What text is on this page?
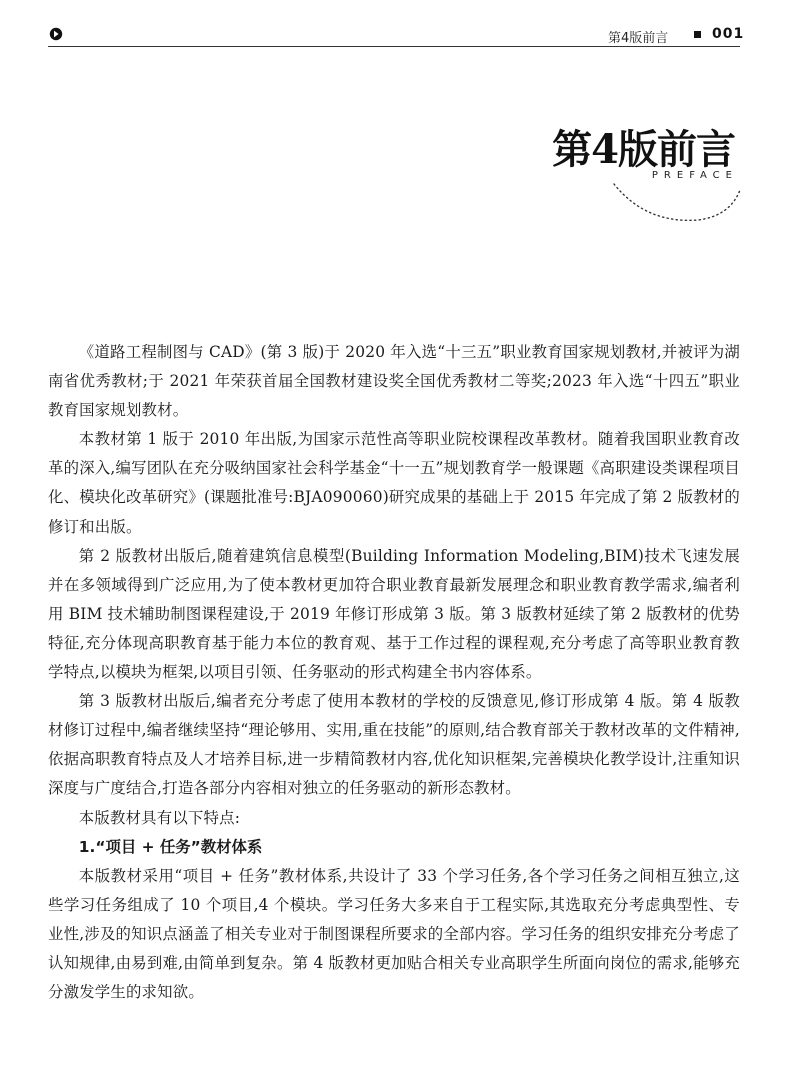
第4版前言	001
第4版前言
PREFACE

《道路工程制图与 CAD》(第 3 版)于 2020 年入选“十三五”职业教育国家规划教材,并被评为湖南省优秀教材;于 2021 年荣获首届全国教材建设奖全国优秀教材二等奖;2023 年入选“十四五”职业教育国家规划教材。

本教材第 1 版于 2010 年出版,为国家示范性高等职业院校课程改革教材。随着我国职业教育改革的深入,编写团队在充分吸纳国家社会科学基金“十一五”规划教育学一般课题《高职建设类课程项目化、模块化改革研究》(课题批准号:BJA090060)研究成果的基础上于 2015 年完成了第 2 版教材的修订和出版。

第 2 版教材出版后,随着建筑信息模型(Building Information Modeling,BIM)技术飞速发展并在多领域得到广泛应用,为了使本教材更加符合职业教育最新发展理念和职业教育教学需求,编者利用 BIM 技术辅助制图课程建设,于 2019 年修订形成第 3 版。第 3 版教材延续了第 2 版教材的优势特征,充分体现高职教育基于能力本位的教育观、基于工作过程的课程观,充分考虑了高等职业教育教学特点,以模块为框架,以项目引领、任务驱动的形式构建全书内容体系。

第 3 版教材出版后,编者充分考虑了使用本教材的学校的反馈意见,修订形成第 4 版。第 4 版教材修订过程中,编者继续坚持“理论够用、实用,重在技能”的原则,结合教育部关于教材改革的文件精神,依据高职教育特点及人才培养目标,进一步精简教材内容,优化知识框架,完善模块化教学设计,注重知识深度与广度结合,打造各部分内容相对独立的任务驱动的新形态教材。

本版教材具有以下特点:

1.“项目 + 任务”教材体系

本版教材采用“项目 + 任务”教材体系,共设计了 33 个学习任务,各个学习任务之间相互独立,这些学习任务组成了 10 个项目,4 个模块。学习任务大多来自于工程实际,其选取充分考虑典型性、专业性,涉及的知识点涵盖了相关专业对于制图课程所要求的全部内容。学习任务的组织安排充分考虑了认知规律,由易到难,由简单到复杂。第 4 版教材更加贴合相关专业高职学生所面向岗位的需求,能够充分激发学生的求知欲。
